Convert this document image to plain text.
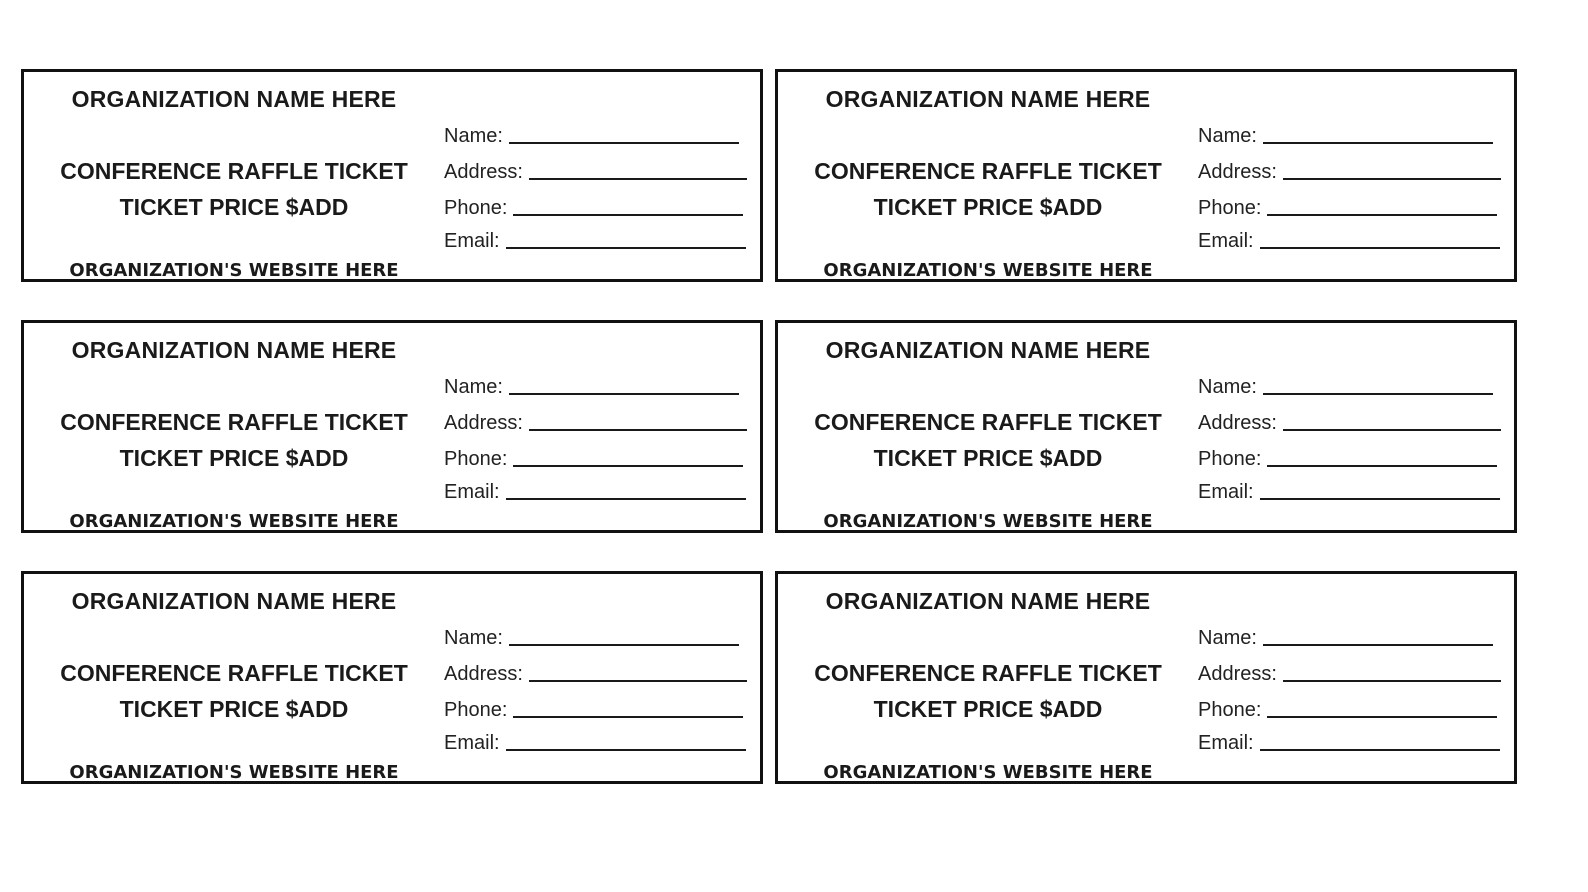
ORGANIZATION NAME HERE
Name:
CONFERENCE RAFFLE TICKET	Address:
TICKET PRICE $ADD	Phone:
Email:
ORGANIZATION'S WEBSITE HERE
ORGANIZATION NAME HERE
Name:
CONFERENCE RAFFLE TICKET	Address:
TICKET PRICE $ADD	Phone:
Email:
ORGANIZATION'S WEBSITE HERE
ORGANIZATION NAME HERE
Name:
CONFERENCE RAFFLE TICKET	Address:
TICKET PRICE $ADD	Phone:
Email:
ORGANIZATION'S WEBSITE HERE
ORGANIZATION NAME HERE
Name:
CONFERENCE RAFFLE TICKET	Address:
TICKET PRICE $ADD	Phone:
Email:
ORGANIZATION'S WEBSITE HERE
ORGANIZATION NAME HERE
Name:
CONFERENCE RAFFLE TICKET	Address:
TICKET PRICE $ADD	Phone:
Email:
ORGANIZATION'S WEBSITE HERE
ORGANIZATION NAME HERE
Name:
CONFERENCE RAFFLE TICKET	Address:
TICKET PRICE $ADD	Phone:
Email:
ORGANIZATION'S WEBSITE HERE
